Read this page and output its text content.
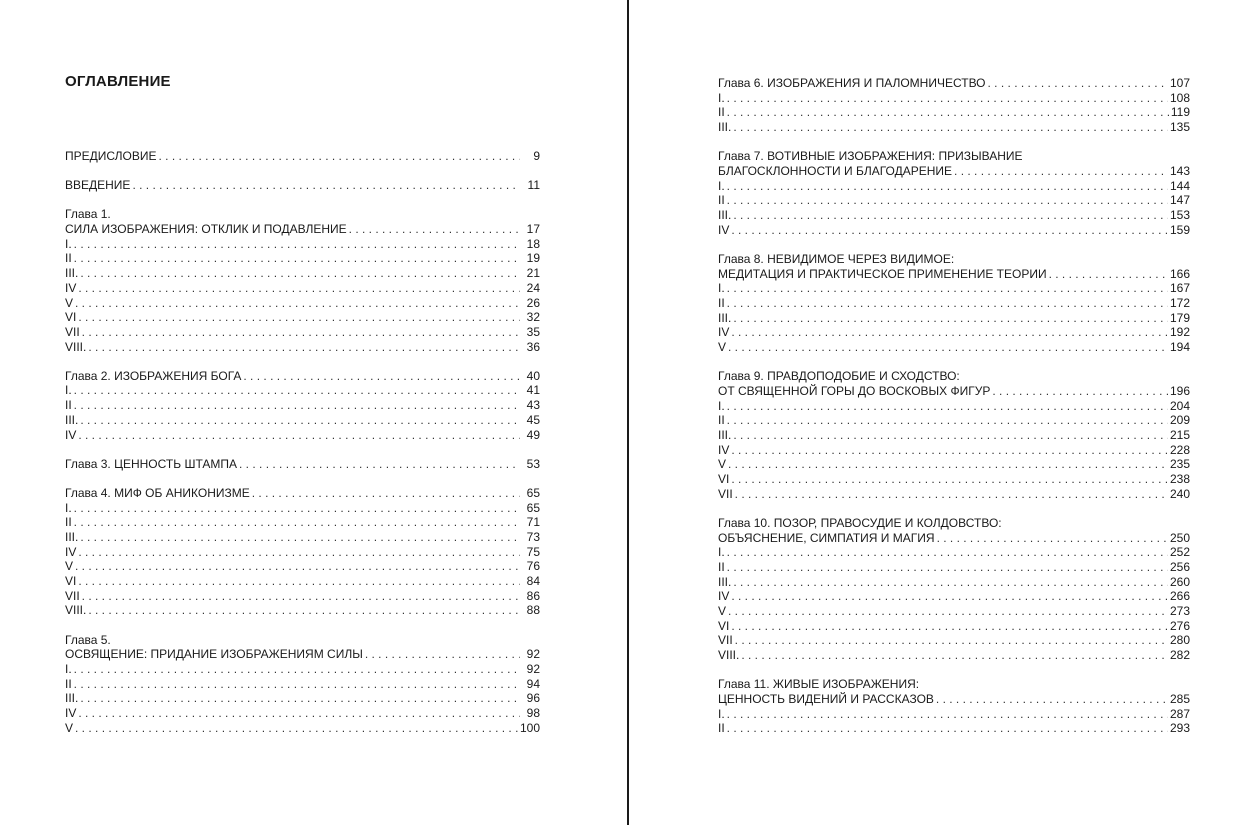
ОГЛАВЛЕНИЕ
ПРЕДИСЛОВИЕ . . .	9
ВВЕДЕНИЕ . . .	11
Глава 1.
СИЛА ИЗОБРАЖЕНИЯ: ОТКЛИК И ПОДАВЛЕНИЕ . . .	17
I. . . .	18
II . . .	19
III. . . .	21
IV . . .	24
V . . .	26
VI . . .	32
VII . . .	35
VIII. . . .	36
Глава 2. ИЗОБРАЖЕНИЯ БОГА . . .	40
I. . . .	41
II . . .	43
III. . . .	45
IV . . .	49
Глава 3. ЦЕННОСТЬ ШТАМПА . . .	53
Глава 4. МИФ ОБ АНИКОНИЗМЕ . . .	65
I. . . .	65
II . . .	71
III. . . .	73
IV . . .	75
V . . .	76
VI . . .	84
VII . . .	86
VIII. . . .	88
Глава 5.
ОСВЯЩЕНИЕ: ПРИДАНИЕ ИЗОБРАЖЕНИЯМ СИЛЫ . . .	92
I. . . .	92
II . . .	94
III. . . .	96
IV . . .	98
V . . .	100
Глава 6. ИЗОБРАЖЕНИЯ И ПАЛОМНИЧЕСТВО . . .	107
I. . . .	108
II . . .	119
III. . . .	135
Глава 7. ВОТИВНЫЕ ИЗОБРАЖЕНИЯ: ПРИЗЫВАНИЕ
БЛАГОСКЛОННОСТИ И БЛАГОДАРЕНИЕ . . .	143
I. . . .	144
II . . .	147
III. . . .	153
IV . . .	159
Глава 8. НЕВИДИМОЕ ЧЕРЕЗ ВИДИМОЕ:
МЕДИТАЦИЯ И ПРАКТИЧЕСКОЕ ПРИМЕНЕНИЕ ТЕОРИИ . . .	166
I. . . .	167
II . . .	172
III. . . .	179
IV . . .	192
V . . .	194
Глава 9. ПРАВДОПОДОБИЕ И СХОДСТВО:
ОТ СВЯЩЕННОЙ ГОРЫ ДО ВОСКОВЫХ ФИГУР . . .	196
I. . . .	204
II . . .	209
III. . . .	215
IV . . .	228
V . . .	235
VI . . .	238
VII . . .	240
Глава 10. ПОЗОР, ПРАВОСУДИЕ И КОЛДОВСТВО:
ОБЪЯСНЕНИЕ, СИМПАТИЯ И МАГИЯ . . .	250
I. . . .	252
II . . .	256
III. . . .	260
IV . . .	266
V . . .	273
VI . . .	276
VII . . .	280
VIII. . . .	282
Глава 11. ЖИВЫЕ ИЗОБРАЖЕНИЯ:
ЦЕННОСТЬ ВИДЕНИЙ И РАССКАЗОВ . . .	285
I. . . .	287
II . . .	293
